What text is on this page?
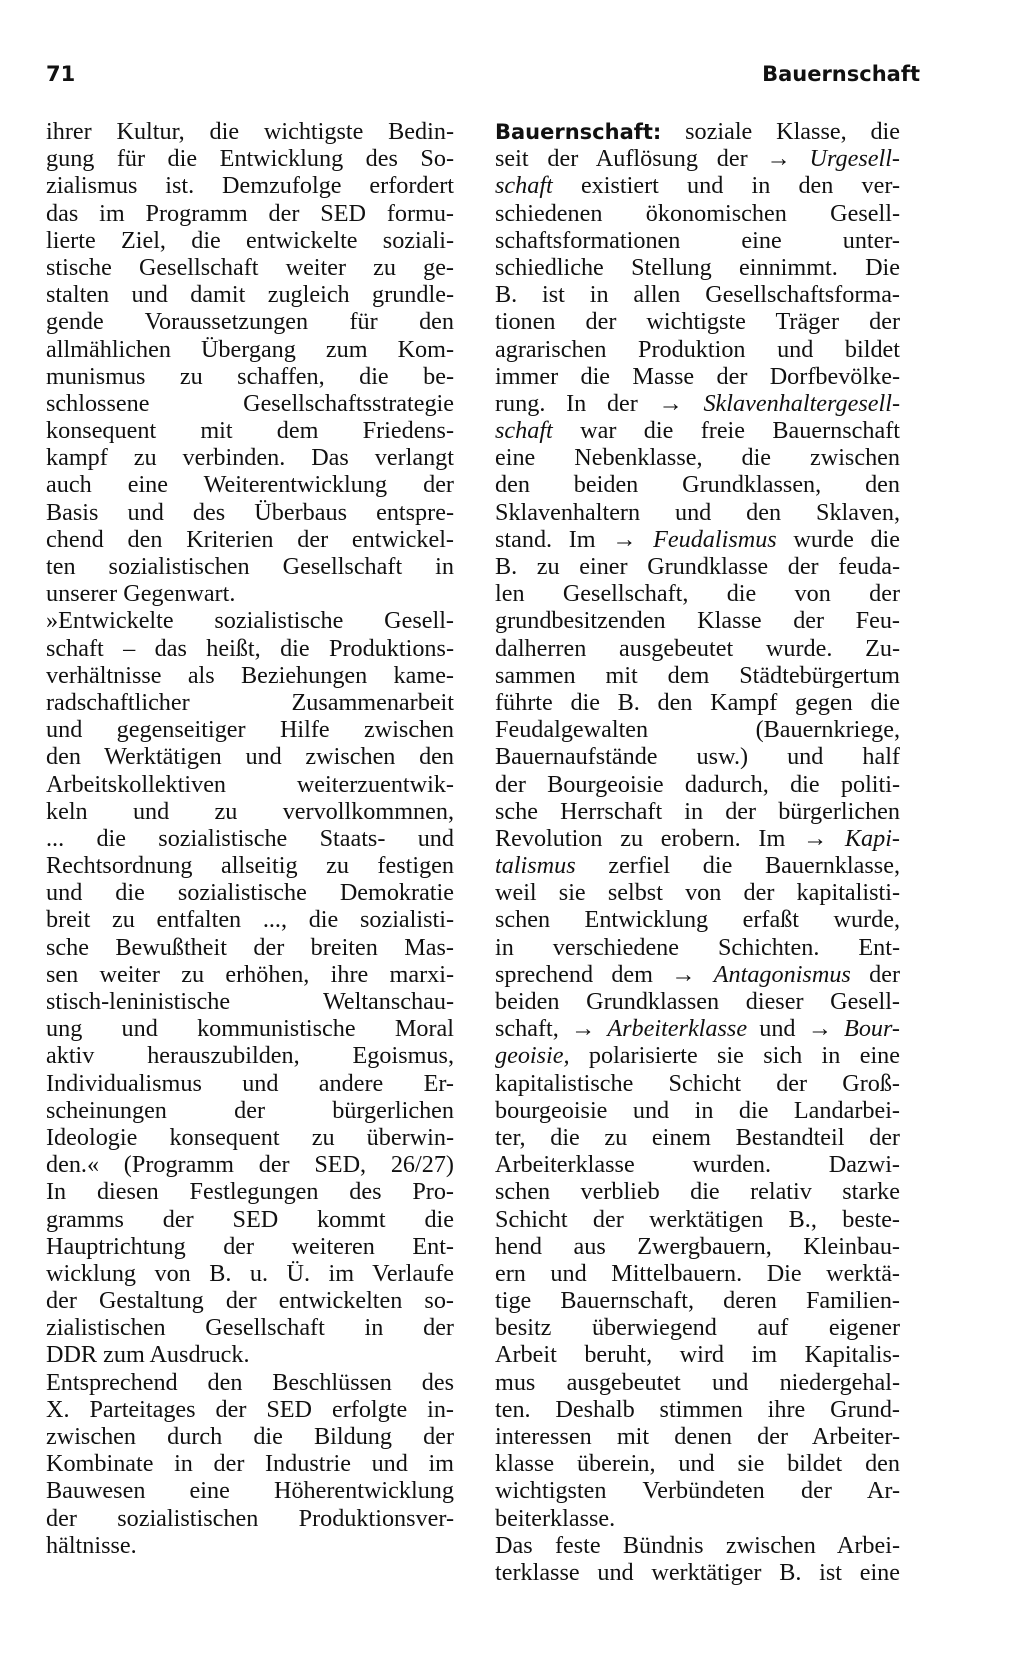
71	Bauernschaft
ihrer Kultur, die wichtigste Bedin-
gung für die Entwicklung des So-
zialismus ist. Demzufolge erfordert
das im Programm der SED formu-
lierte Ziel, die entwickelte soziali-
stische Gesellschaft weiter zu ge-
stalten und damit zugleich grundle-
gende Voraussetzungen für den
allmählichen Übergang zum Kom-
munismus zu schaffen, die be-
schlossene Gesellschaftsstrategie
konsequent mit dem Friedens-
kampf zu verbinden. Das verlangt
auch eine Weiterentwicklung der
Basis und des Überbaus entspre-
chend den Kriterien der entwickel-
ten sozialistischen Gesellschaft in
unserer Gegenwart.
»Entwickelte sozialistische Gesell-
schaft – das heißt, die Produktions-
verhältnisse als Beziehungen kame-
radschaftlicher Zusammenarbeit
und gegenseitiger Hilfe zwischen
den Werktätigen und zwischen den
Arbeitskollektiven weiterzuentwik-
keln und zu vervollkommnen,
... die sozialistische Staats- und
Rechtsordnung allseitig zu festigen
und die sozialistische Demokratie
breit zu entfalten ..., die sozialisti-
sche Bewußtheit der breiten Mas-
sen weiter zu erhöhen, ihre marxi-
stisch-leninistische Weltanschau-
ung und kommunistische Moral
aktiv herauszubilden, Egoismus,
Individualismus und andere Er-
scheinungen der bürgerlichen
Ideologie konsequent zu überwin-
den.« (Programm der SED, 26/27)
In diesen Festlegungen des Pro-
gramms der SED kommt die
Hauptrichtung der weiteren Ent-
wicklung von B. u. Ü. im Verlaufe
der Gestaltung der entwickelten so-
zialistischen Gesellschaft in der
DDR zum Ausdruck.
Entsprechend den Beschlüssen des
X. Parteitages der SED erfolgte in-
zwischen durch die Bildung der
Kombinate in der Industrie und im
Bauwesen eine Höherentwicklung
der sozialistischen Produktionsver-
hältnisse.
Bauernschaft: soziale Klasse, die
seit der Auflösung der → Urgesell-
schaft existiert und in den ver-
schiedenen ökonomischen Gesell-
schaftsformationen eine unter-
schiedliche Stellung einnimmt. Die
B. ist in allen Gesellschaftsforma-
tionen der wichtigste Träger der
agrarischen Produktion und bildet
immer die Masse der Dorfbevölke-
rung. In der → Sklavenhaltergesell-
schaft war die freie Bauernschaft
eine Nebenklasse, die zwischen
den beiden Grundklassen, den
Sklavenhaltern und den Sklaven,
stand. Im → Feudalismus wurde die
B. zu einer Grundklasse der feuda-
len Gesellschaft, die von der
grundbesitzenden Klasse der Feu-
dalherren ausgebeutet wurde. Zu-
sammen mit dem Städtebürgertum
führte die B. den Kampf gegen die
Feudalgewalten (Bauernkriege,
Bauernaufstände usw.) und half
der Bourgeoisie dadurch, die politi-
sche Herrschaft in der bürgerlichen
Revolution zu erobern. Im → Kapi-
talismus zerfiel die Bauernklasse,
weil sie selbst von der kapitalisti-
schen Entwicklung erfaßt wurde,
in verschiedene Schichten. Ent-
sprechend dem → Antagonismus der
beiden Grundklassen dieser Gesell-
schaft, → Arbeiterklasse und → Bour-
geoisie, polarisierte sie sich in eine
kapitalistische Schicht der Groß-
bourgeoisie und in die Landarbei-
ter, die zu einem Bestandteil der
Arbeiterklasse wurden. Dazwi-
schen verblieb die relativ starke
Schicht der werktätigen B., beste-
hend aus Zwergbauern, Kleinbau-
ern und Mittelbauern. Die werktä-
tige Bauernschaft, deren Familien-
besitz überwiegend auf eigener
Arbeit beruht, wird im Kapitalis-
mus ausgebeutet und niedergehal-
ten. Deshalb stimmen ihre Grund-
interessen mit denen der Arbeiter-
klasse überein, und sie bildet den
wichtigsten Verbündeten der Ar-
beiterklasse.
Das feste Bündnis zwischen Arbei-
terklasse und werktätiger B. ist eine
